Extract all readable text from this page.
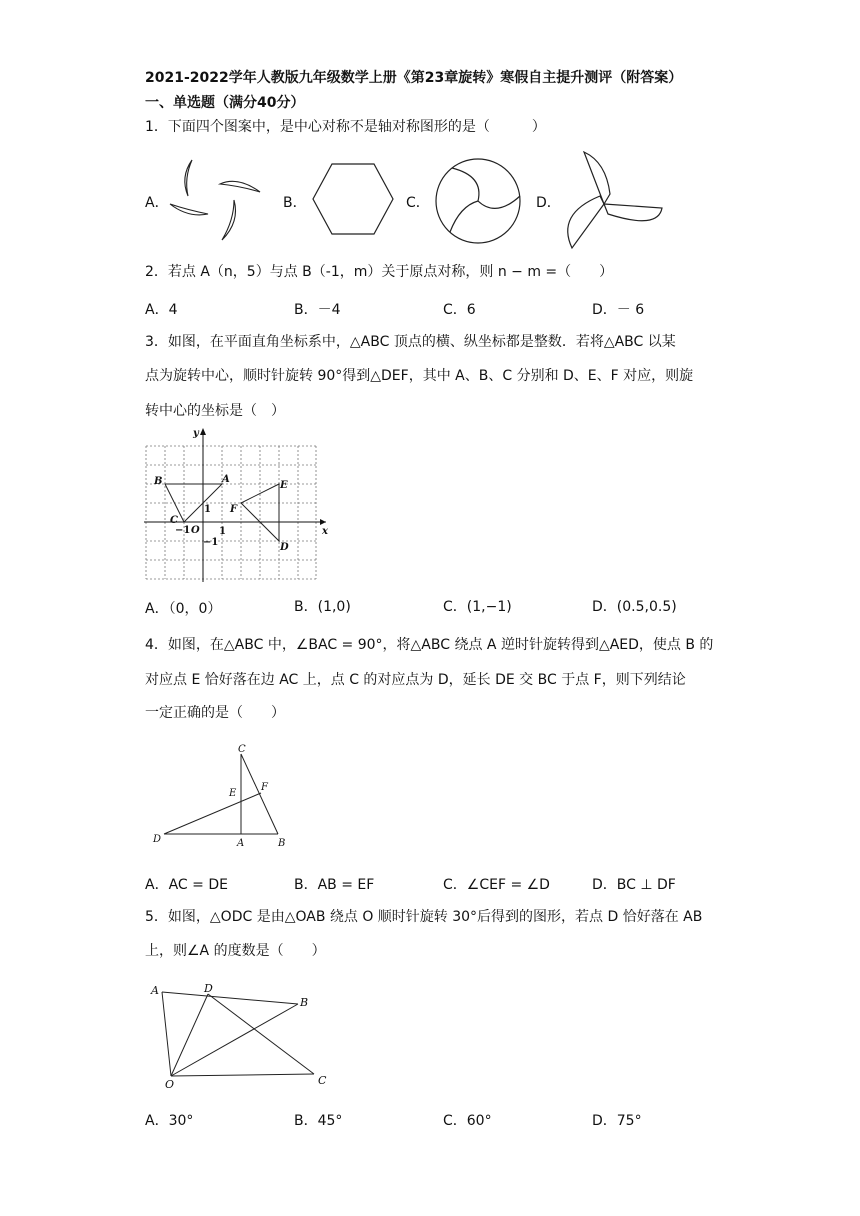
2021-2022学年人教版九年级数学上册《第23章旋转》寒假自主提升测评（附答案）
一、单选题（满分40分）
1．下面四个图案中，是中心对称不是轴对称图形的是（　　　）
A．	B．	C．	D．
2．若点 A（n，5）与点 B（-1，m）关于原点对称，则 n − m =（　　）
A．4	B．－4	C．6	D．－ 6
3．如图，在平面直角坐标系中，△ABC 顶点的横、纵坐标都是整数．若将△ABC 以某
点为旋转中心，顺时针旋转 90°得到△DEF，其中 A、B、C 分别和 D、E、F 对应，则旋
转中心的坐标是（　）
y
x
B	A
C
O
1
1
−1
−1
E
F
D
A．（0，0）	B．(1,0)	C．(1,−1)	D．(0.5,0.5)
4．如图，在△ABC 中，∠BAC = 90°，将△ABC 绕点 A 逆时针旋转得到△AED，使点 B 的
对应点 E 恰好落在边 AC 上，点 C 的对应点为 D，延长 DE 交 BC 于点 F，则下列结论
一定正确的是（　　）
C
E
F
D	A	B
A．AC = DE	B．AB = EF	C．∠CEF = ∠D	D．BC ⊥ DF
5．如图，△ODC 是由△OAB 绕点 O 顺时针旋转 30°后得到的图形，若点 D 恰好落在 AB
上，则∠A 的度数是（　　）
A	D
B
O	C
A．30°	B．45°	C．60°	D．75°
